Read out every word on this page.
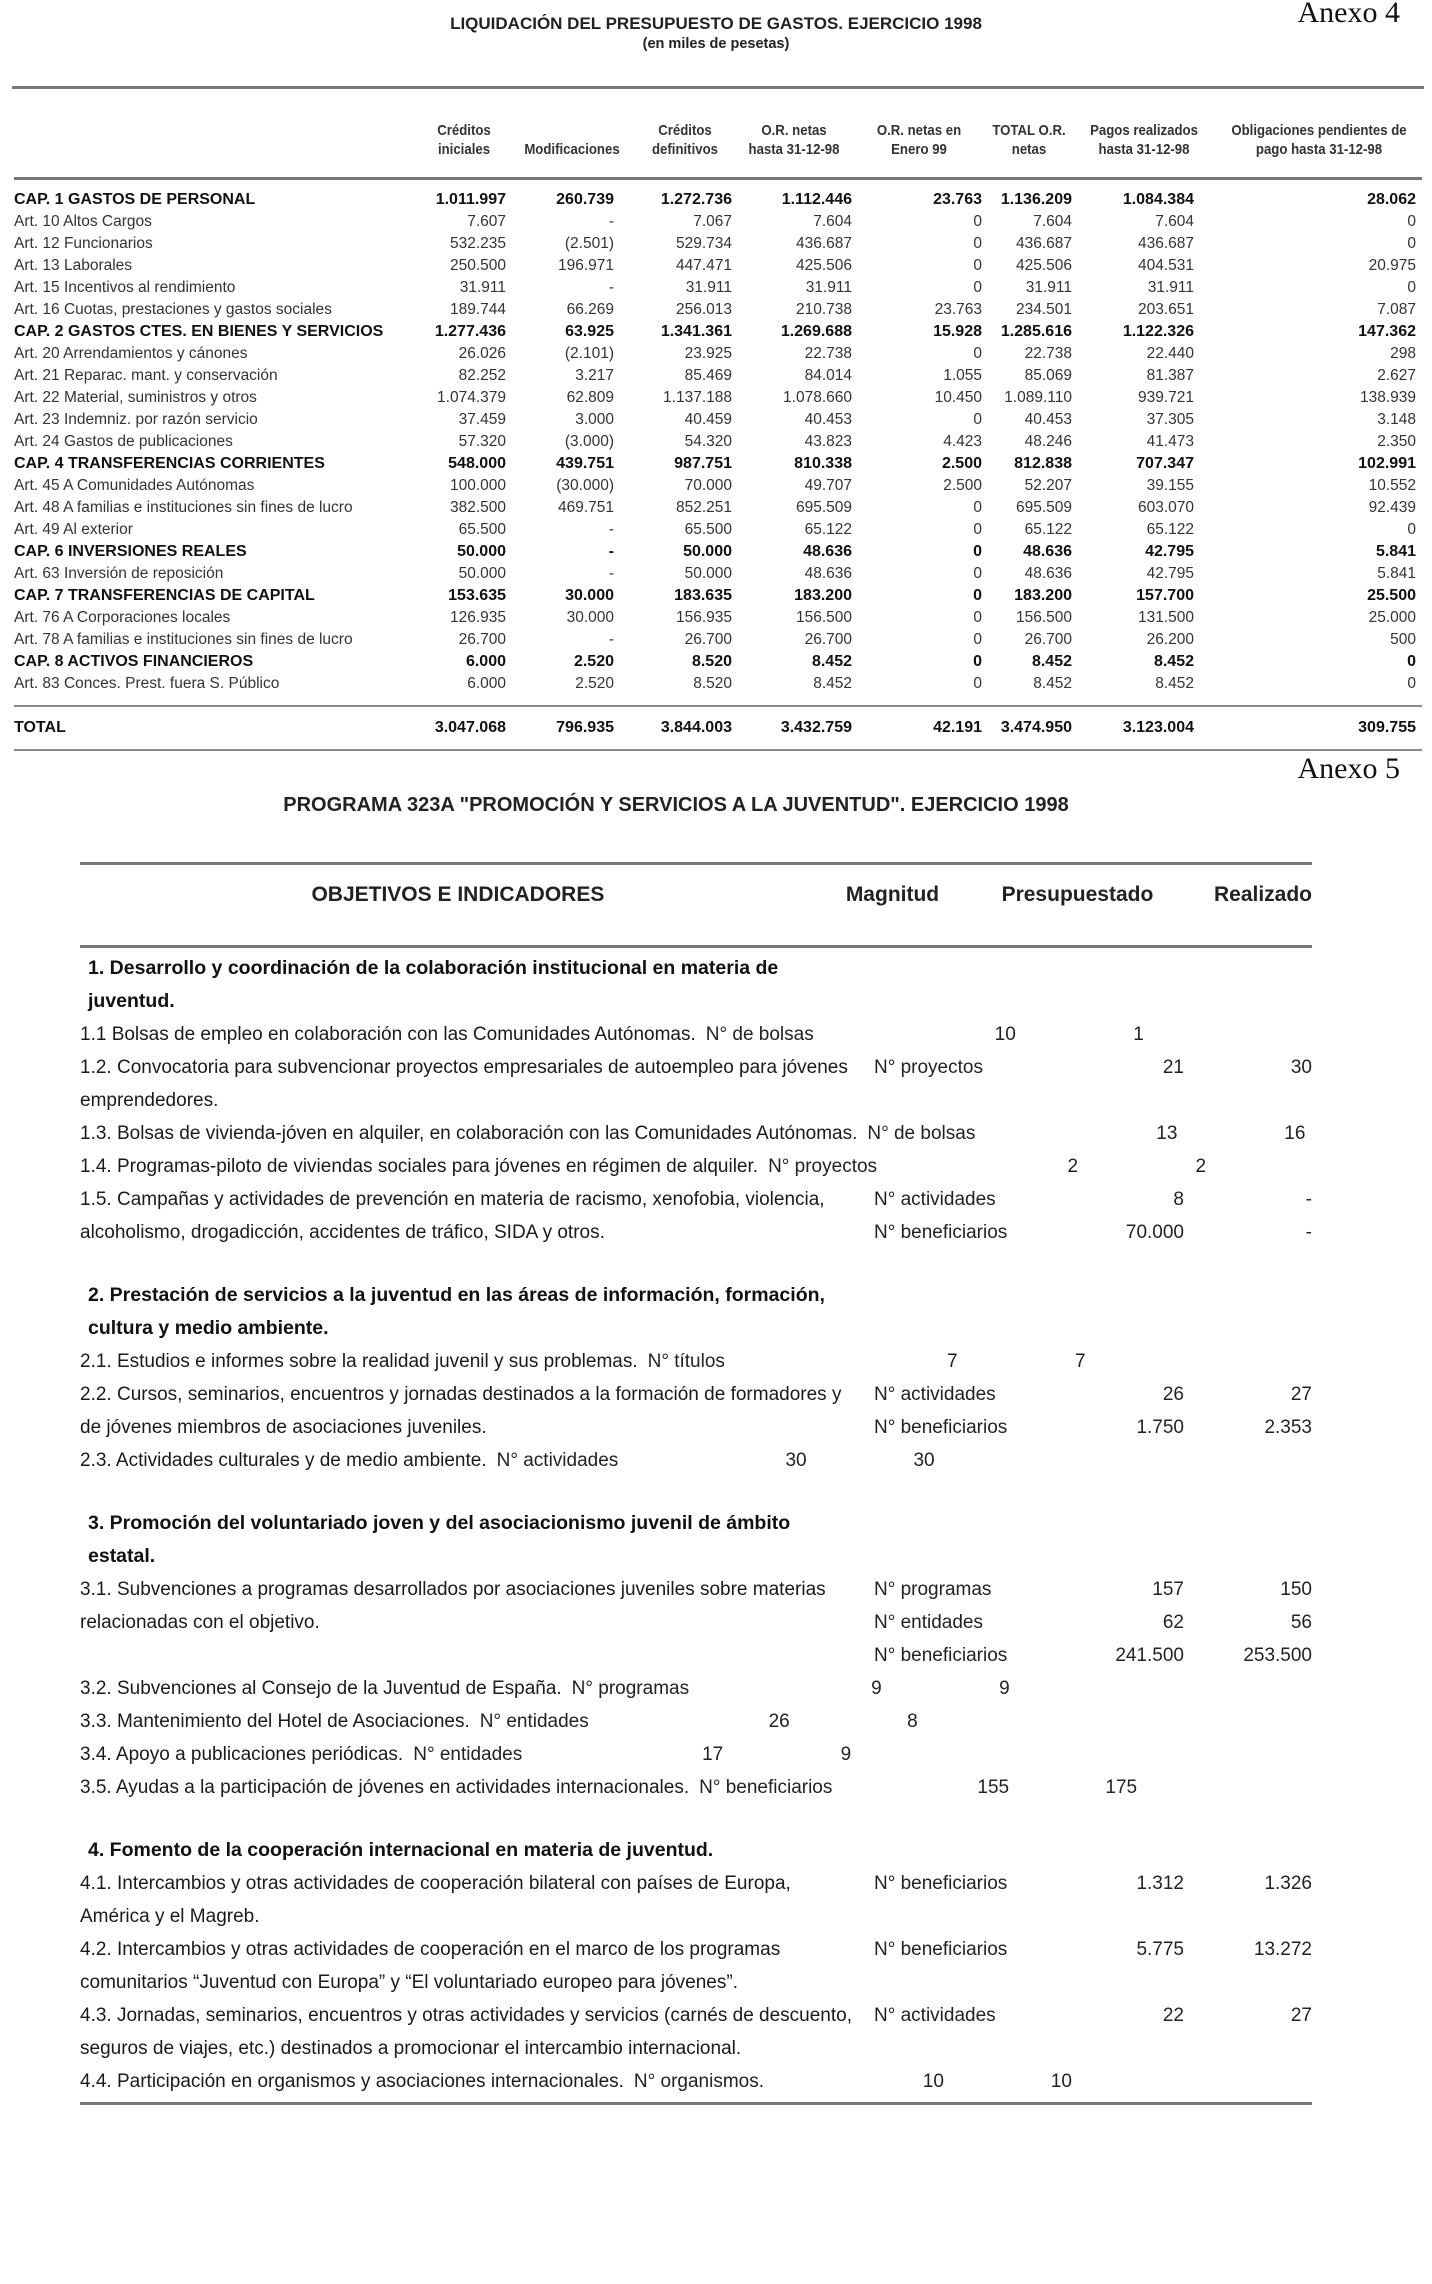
Anexo 4
LIQUIDACIÓN DEL PRESUPUESTO DE GASTOS. EJERCICIO 1998
(en miles de pesetas)
	Créditos iniciales	Modificaciones	Créditos definitivos	O.R. netas hasta 31-12-98	O.R. netas en Enero 99	TOTAL O.R. netas	Pagos realizados hasta 31-12-98	Obligaciones pendientes de pago hasta 31-12-98

CAP. 1 GASTOS DE PERSONAL	1.011.997	260.739	1.272.736	1.112.446	23.763	1.136.209	1.084.384	28.062
Art. 10 Altos Cargos	7.607	-	7.067	7.604	0	7.604	7.604	0
Art. 12 Funcionarios	532.235	(2.501)	529.734	436.687	0	436.687	436.687	0
Art. 13 Laborales	250.500	196.971	447.471	425.506	0	425.506	404.531	20.975
Art. 15 Incentivos al rendimiento	31.911	-	31.911	31.911	0	31.911	31.911	0
Art. 16 Cuotas, prestaciones y gastos sociales	189.744	66.269	256.013	210.738	23.763	234.501	203.651	7.087
CAP. 2 GASTOS CTES. EN BIENES Y SERVICIOS	1.277.436	63.925	1.341.361	1.269.688	15.928	1.285.616	1.122.326	147.362
Art. 20 Arrendamientos y cánones	26.026	(2.101)	23.925	22.738	0	22.738	22.440	298
Art. 21 Reparac. mant. y conservación	82.252	3.217	85.469	84.014	1.055	85.069	81.387	2.627
Art. 22 Material, suministros y otros	1.074.379	62.809	1.137.188	1.078.660	10.450	1.089.110	939.721	138.939
Art. 23 Indemniz. por razón servicio	37.459	3.000	40.459	40.453	0	40.453	37.305	3.148
Art. 24 Gastos de publicaciones	57.320	(3.000)	54.320	43.823	4.423	48.246	41.473	2.350
CAP. 4 TRANSFERENCIAS CORRIENTES	548.000	439.751	987.751	810.338	2.500	812.838	707.347	102.991
Art. 45 A Comunidades Autónomas	100.000	(30.000)	70.000	49.707	2.500	52.207	39.155	10.552
Art. 48 A familias e instituciones sin fines de lucro	382.500	469.751	852.251	695.509	0	695.509	603.070	92.439
Art. 49 Al exterior	65.500	-	65.500	65.122	0	65.122	65.122	0
CAP. 6 INVERSIONES REALES	50.000	-	50.000	48.636	0	48.636	42.795	5.841
Art. 63 Inversión de reposición	50.000	-	50.000	48.636	0	48.636	42.795	5.841
CAP. 7 TRANSFERENCIAS DE CAPITAL	153.635	30.000	183.635	183.200	0	183.200	157.700	25.500
Art. 76 A Corporaciones locales	126.935	30.000	156.935	156.500	0	156.500	131.500	25.000
Art. 78 A familias e instituciones sin fines de lucro	26.700	-	26.700	26.700	0	26.700	26.200	500
CAP. 8 ACTIVOS FINANCIEROS	6.000	2.520	8.520	8.452	0	8.452	8.452	0
Art. 83 Conces. Prest. fuera S. Público	6.000	2.520	8.520	8.452	0	8.452	8.452	0

TOTAL	3.047.068	796.935	3.844.003	3.432.759	42.191	3.474.950	3.123.004	309.755

Anexo 5
PROGRAMA 323A "PROMOCIÓN Y SERVICIOS A LA JUVENTUD". EJERCICIO 1998
OBJETIVOS E INDICADORES	Magnitud	Presupuestado	Realizado
1. Desarrollo y coordinación de la colaboración institucional en materia de juventud.
1.1 Bolsas de empleo en colaboración con las Comunidades Autónomas. N° de bolsas	10	1
1.2. Convocatoria para subvencionar proyectos empresariales de autoempleo para jóvenes emprendedores.
N° proyectos	21	30
1.3. Bolsas de vivienda-jóven en alquiler, en colaboración con las Comunidades Autónomas. N° de bolsas	13	16
1.4. Programas-piloto de viviendas sociales para jóvenes en régimen de alquiler. N° proyectos	2	2
1.5. Campañas y actividades de prevención en materia de racismo, xenofobia, violencia, alcoholismo, drogadicción, accidentes de tráfico, SIDA y otros.
N° actividades	8	-
N° beneficiarios	70.000	-
2. Prestación de servicios a la juventud en las áreas de información, formación, cultura y medio ambiente.
2.1. Estudios e informes sobre la realidad juvenil y sus problemas. N° títulos	7	7
2.2. Cursos, seminarios, encuentros y jornadas destinados a la formación de formadores y de jóvenes miembros de asociaciones juveniles.
N° actividades	26	27
N° beneficiarios	1.750	2.353
2.3. Actividades culturales y de medio ambiente. N° actividades	30	30
3. Promoción del voluntariado joven y del asociacionismo juvenil de ámbito estatal.
3.1. Subvenciones a programas desarrollados por asociaciones juveniles sobre materias relacionadas con el objetivo.
N° programas	157	150
N° entidades	62	56
N° beneficiarios	241.500	253.500
3.2. Subvenciones al Consejo de la Juventud de España. N° programas	9	9
3.3. Mantenimiento del Hotel de Asociaciones. N° entidades	26	8
3.4. Apoyo a publicaciones periódicas. N° entidades	17	9
3.5. Ayudas a la participación de jóvenes en actividades internacionales. N° beneficiarios	155	175
4. Fomento de la cooperación internacional en materia de juventud.
4.1. Intercambios y otras actividades de cooperación bilateral con países de Europa, América y el Magreb.
N° beneficiarios	1.312	1.326
4.2. Intercambios y otras actividades de cooperación en el marco de los programas comunitarios “Juventud con Europa” y “El voluntariado europeo para jóvenes”.
N° beneficiarios	5.775	13.272
4.3. Jornadas, seminarios, encuentros y otras actividades y servicios (carnés de descuento, seguros de viajes, etc.) destinados a promocionar el intercambio internacional.
N° actividades	22	27
4.4. Participación en organismos y asociaciones internacionales. N° organismos.	10	10
